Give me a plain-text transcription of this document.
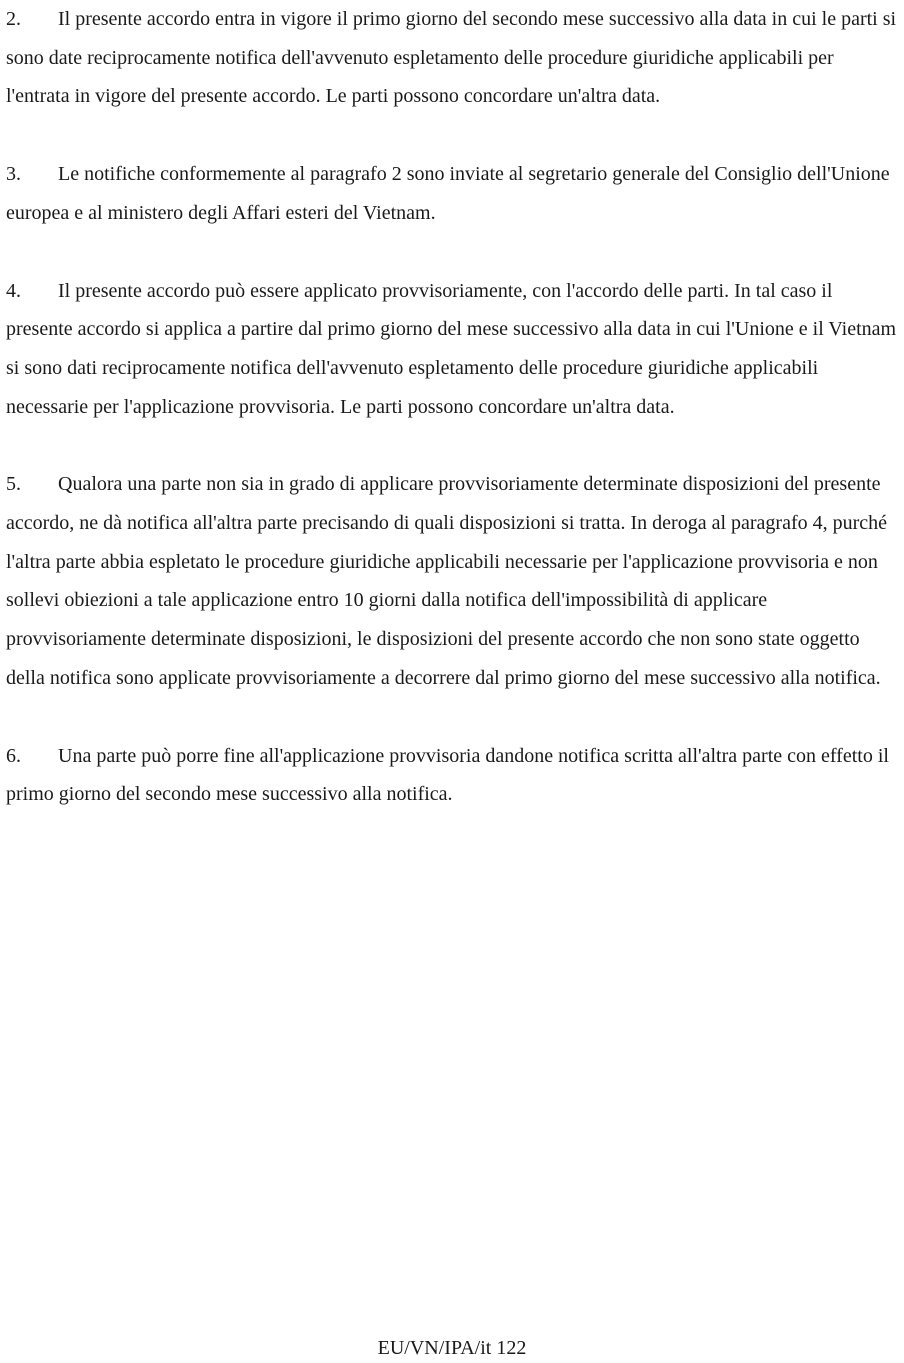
2. Il presente accordo entra in vigore il primo giorno del secondo mese successivo alla data in cui le parti si sono date reciprocamente notifica dell'avvenuto espletamento delle procedure giuridiche applicabili per l'entrata in vigore del presente accordo. Le parti possono concordare un'altra data.

3. Le notifiche conformemente al paragrafo 2 sono inviate al segretario generale del Consiglio dell'Unione europea e al ministero degli Affari esteri del Vietnam.

4. Il presente accordo può essere applicato provvisoriamente, con l'accordo delle parti. In tal caso il presente accordo si applica a partire dal primo giorno del mese successivo alla data in cui l'Unione e il Vietnam si sono dati reciprocamente notifica dell'avvenuto espletamento delle procedure giuridiche applicabili necessarie per l'applicazione provvisoria. Le parti possono concordare un'altra data.

5. Qualora una parte non sia in grado di applicare provvisoriamente determinate disposizioni del presente accordo, ne dà notifica all'altra parte precisando di quali disposizioni si tratta. In deroga al paragrafo 4, purché l'altra parte abbia espletato le procedure giuridiche applicabili necessarie per l'applicazione provvisoria e non sollevi obiezioni a tale applicazione entro 10 giorni dalla notifica dell'impossibilità di applicare provvisoriamente determinate disposizioni, le disposizioni del presente accordo che non sono state oggetto della notifica sono applicate provvisoriamente a decorrere dal primo giorno del mese successivo alla notifica.

6. Una parte può porre fine all'applicazione provvisoria dandone notifica scritta all'altra parte con effetto il primo giorno del secondo mese successivo alla notifica.

EU/VN/IPA/it 122
